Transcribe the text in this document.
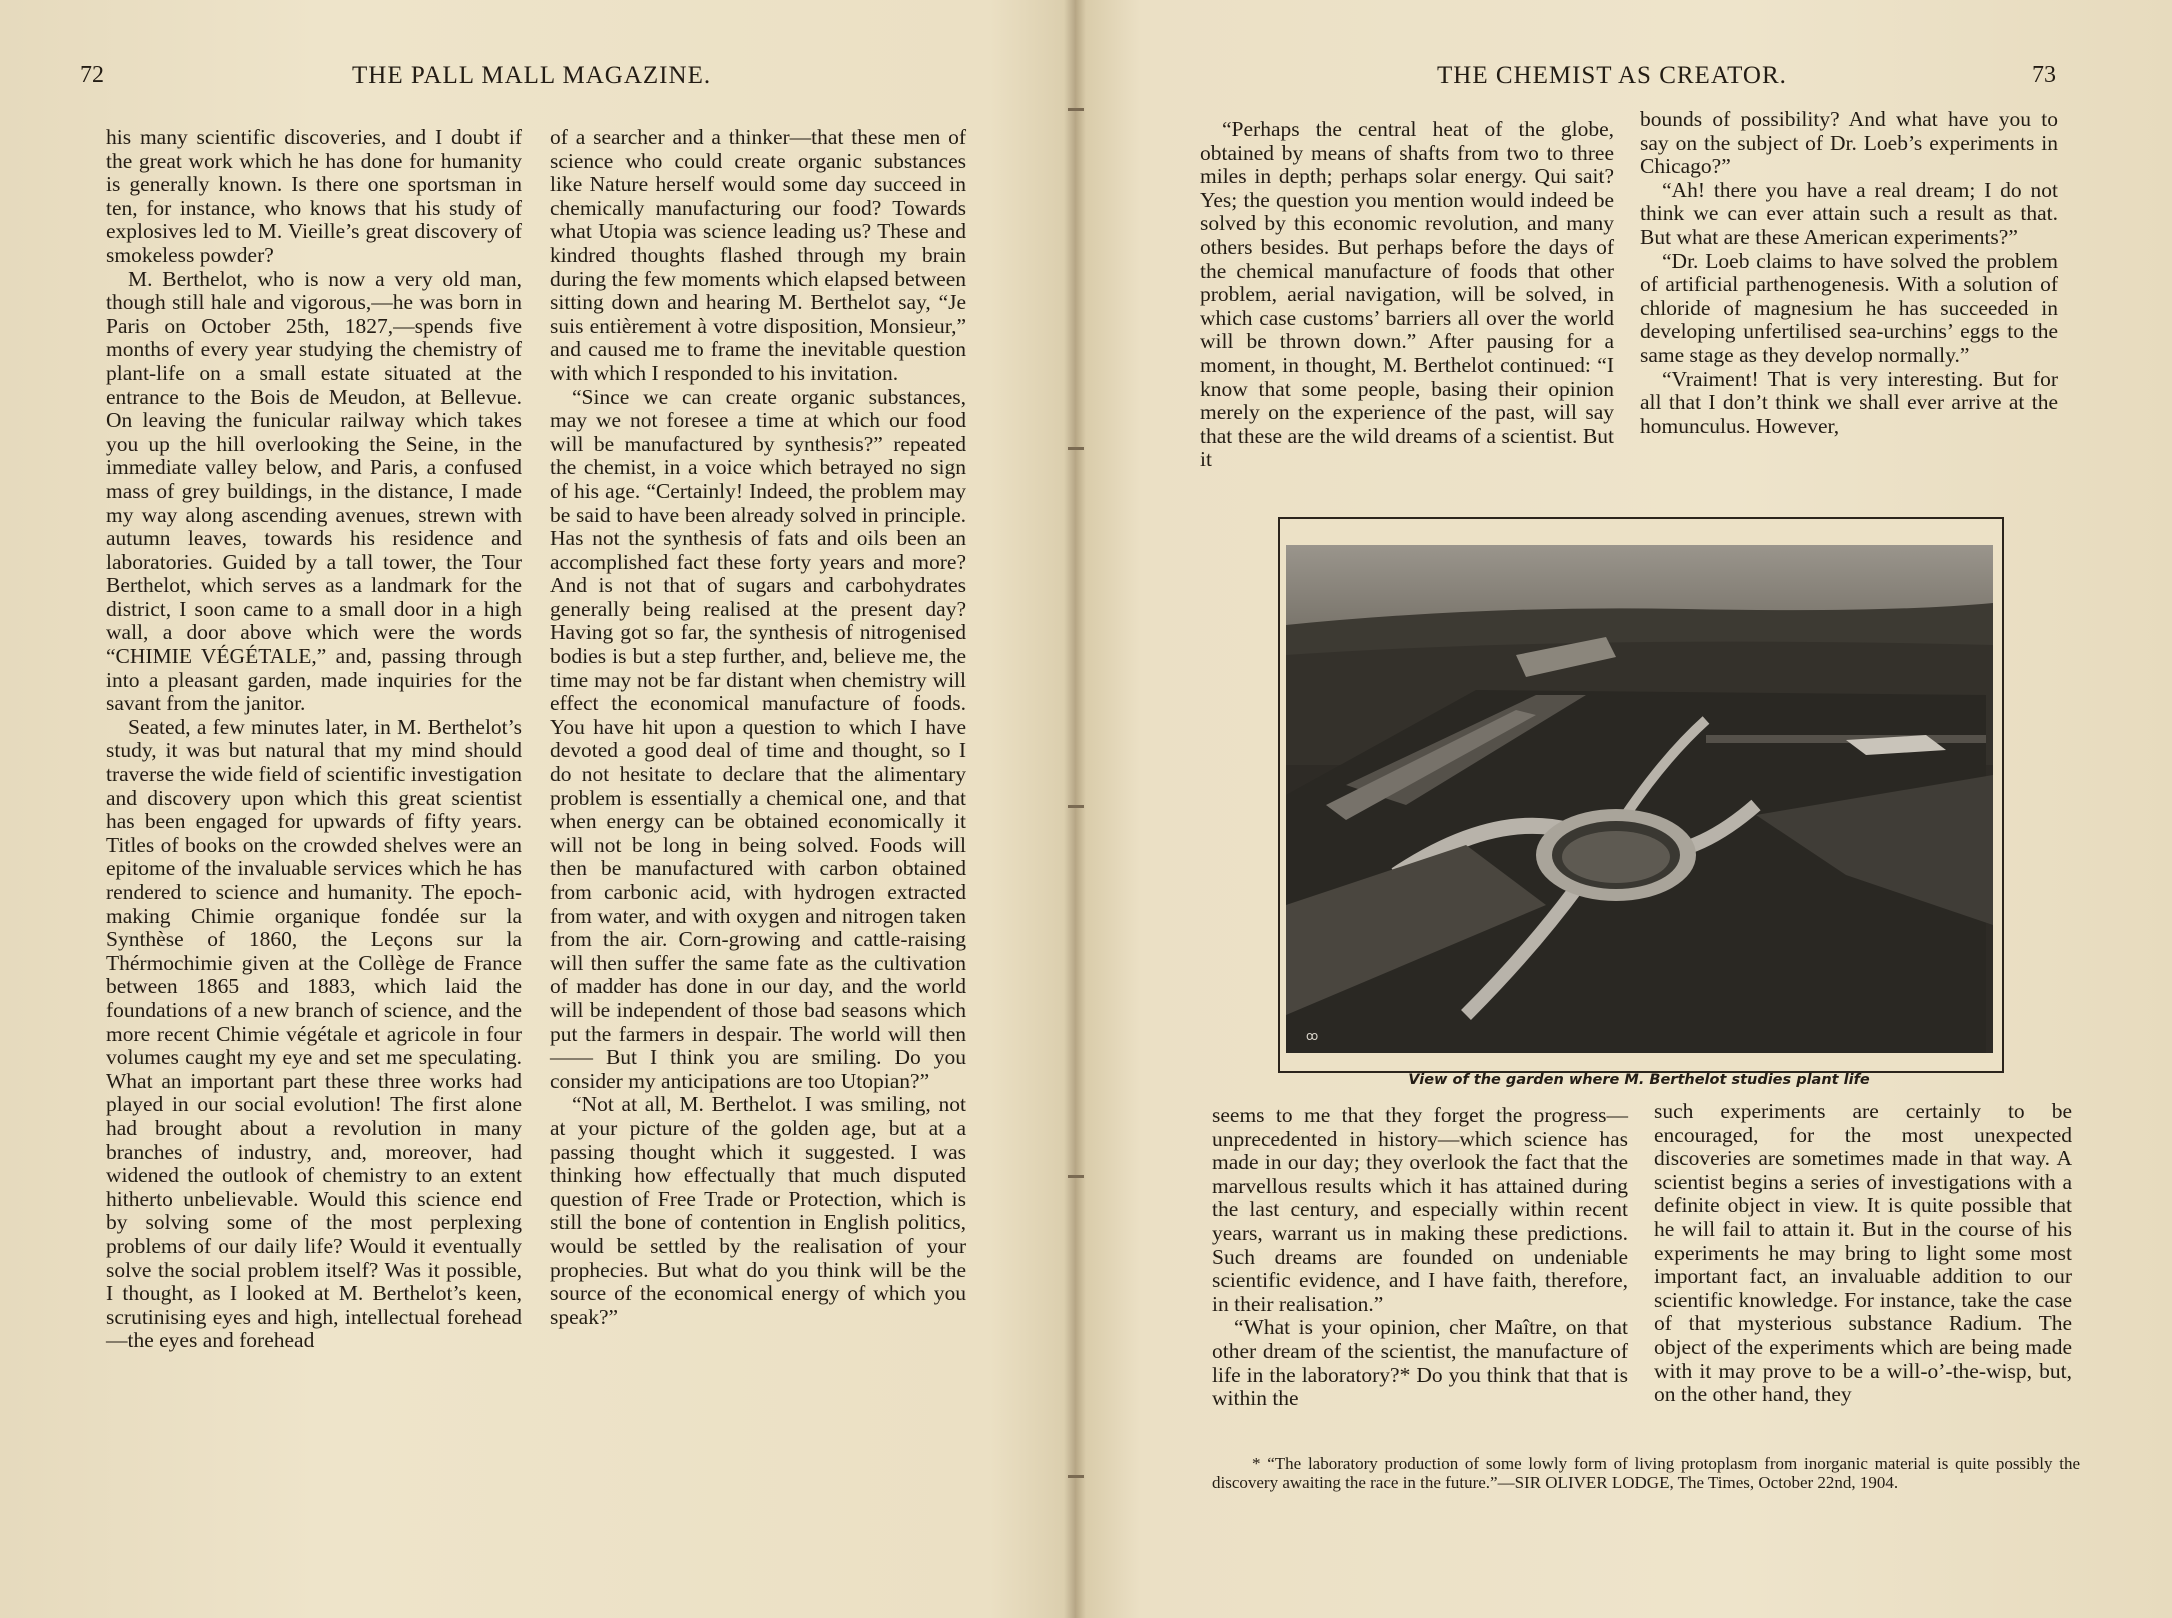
72	THE PALL MALL MAGAZINE.

his many scientific discoveries, and I doubt if the great work which he has done for humanity is generally known. Is there one sportsman in ten, for instance, who knows that his study of explosives led to M. Vieille’s great discovery of smokeless powder?

M. Berthelot, who is now a very old man, though still hale and vigorous,—he was born in Paris on October 25th, 1827,—spends five months of every year studying the chemistry of plant-life on a small estate situated at the entrance to the Bois de Meudon, at Bellevue. On leaving the funicular railway which takes you up the hill overlooking the Seine, in the immediate valley below, and Paris, a confused mass of grey buildings, in the distance, I made my way along ascending avenues, strewn with autumn leaves, towards his residence and laboratories. Guided by a tall tower, the Tour Berthelot, which serves as a landmark for the district, I soon came to a small door in a high wall, a door above which were the words “CHIMIE VÉGÉTALE,” and, passing through into a pleasant garden, made inquiries for the savant from the janitor.

Seated, a few minutes later, in M. Berthelot’s study, it was but natural that my mind should traverse the wide field of scientific investigation and discovery upon which this great scientist has been engaged for upwards of fifty years. Titles of books on the crowded shelves were an epitome of the invaluable services which he has rendered to science and humanity. The epoch-making Chimie organique fondée sur la Synthèse of 1860, the Leçons sur la Thérmochimie given at the Collège de France between 1865 and 1883, which laid the foundations of a new branch of science, and the more recent Chimie végétale et agricole in four volumes caught my eye and set me speculating. What an important part these three works had played in our social evolution! The first alone had brought about a revolution in many branches of industry, and, moreover, had widened the outlook of chemistry to an extent hitherto unbelievable. Would this science end by solving some of the most perplexing problems of our daily life? Would it eventually solve the social problem itself? Was it possible, I thought, as I looked at M. Berthelot’s keen, scrutinising eyes and high, intellectual forehead—the eyes and forehead

of a searcher and a thinker—that these men of science who could create organic substances like Nature herself would some day succeed in chemically manufacturing our food? Towards what Utopia was science leading us? These and kindred thoughts flashed through my brain during the few moments which elapsed between sitting down and hearing M. Berthelot say, “Je suis entièrement à votre disposition, Monsieur,” and caused me to frame the inevitable question with which I responded to his invitation.

“Since we can create organic substances, may we not foresee a time at which our food will be manufactured by synthesis?” repeated the chemist, in a voice which betrayed no sign of his age. “Certainly! Indeed, the problem may be said to have been already solved in principle. Has not the synthesis of fats and oils been an accomplished fact these forty years and more? And is not that of sugars and carbohydrates generally being realised at the present day? Having got so far, the synthesis of nitrogenised bodies is but a step further, and, believe me, the time may not be far distant when chemistry will effect the economical manufacture of foods. You have hit upon a question to which I have devoted a good deal of time and thought, so I do not hesitate to declare that the alimentary problem is essentially a chemical one, and that when energy can be obtained economically it will not be long in being solved. Foods will then be manufactured with carbon obtained from carbonic acid, with hydrogen extracted from water, and with oxygen and nitrogen taken from the air. Corn-growing and cattle-raising will then suffer the same fate as the cultivation of madder has done in our day, and the world will be independent of those bad seasons which put the farmers in despair. The world will then—— But I think you are smiling. Do you consider my anticipations are too Utopian?”

“Not at all, M. Berthelot. I was smiling, not at your picture of the golden age, but at a passing thought which it suggested. I was thinking how effectually that much disputed question of Free Trade or Protection, which is still the bone of contention in English politics, would be settled by the realisation of your prophecies. But what do you think will be the source of the economical energy of which you speak?”

THE CHEMIST AS CREATOR.	73

“Perhaps the central heat of the globe, obtained by means of shafts from two to three miles in depth; perhaps solar energy. Qui sait? Yes; the question you mention would indeed be solved by this economic revolution, and many others besides. But perhaps before the days of the chemical manufacture of foods that other problem, aerial navigation, will be solved, in which case customs’ barriers all over the world will be thrown down.” After pausing for a moment, in thought, M. Berthelot continued: “I know that some people, basing their opinion merely on the experience of the past, will say that these are the wild dreams of a scientist. But it

bounds of possibility? And what have you to say on the subject of Dr. Loeb’s experiments in Chicago?”

“Ah! there you have a real dream; I do not think we can ever attain such a result as that. But what are these American experiments?”

“Dr. Loeb claims to have solved the problem of artificial parthenogenesis. With a solution of chloride of magnesium he has succeeded in developing unfertilised sea-urchins’ eggs to the same stage as they develop normally.”

“Vraiment! That is very interesting. But for all that I don’t think we shall ever arrive at the homunculus. However,

ꝏ
View of the garden where M. Berthelot studies plant life

seems to me that they forget the progress—unprecedented in history—which science has made in our day; they overlook the fact that the marvellous results which it has attained during the last century, and especially within recent years, warrant us in making these predictions. Such dreams are founded on undeniable scientific evidence, and I have faith, therefore, in their realisation.”

“What is your opinion, cher Maître, on that other dream of the scientist, the manufacture of life in the laboratory?* Do you think that that is within the

such experiments are certainly to be encouraged, for the most unexpected discoveries are sometimes made in that way. A scientist begins a series of investigations with a definite object in view. It is quite possible that he will fail to attain it. But in the course of his experiments he may bring to light some most important fact, an invaluable addition to our scientific knowledge. For instance, take the case of that mysterious substance Radium. The object of the experiments which are being made with it may prove to be a will-o’-the-wisp, but, on the other hand, they

* “The laboratory production of some lowly form of living protoplasm from inorganic material is quite possibly the discovery awaiting the race in the future.”—SIR OLIVER LODGE, The Times, October 22nd, 1904.
